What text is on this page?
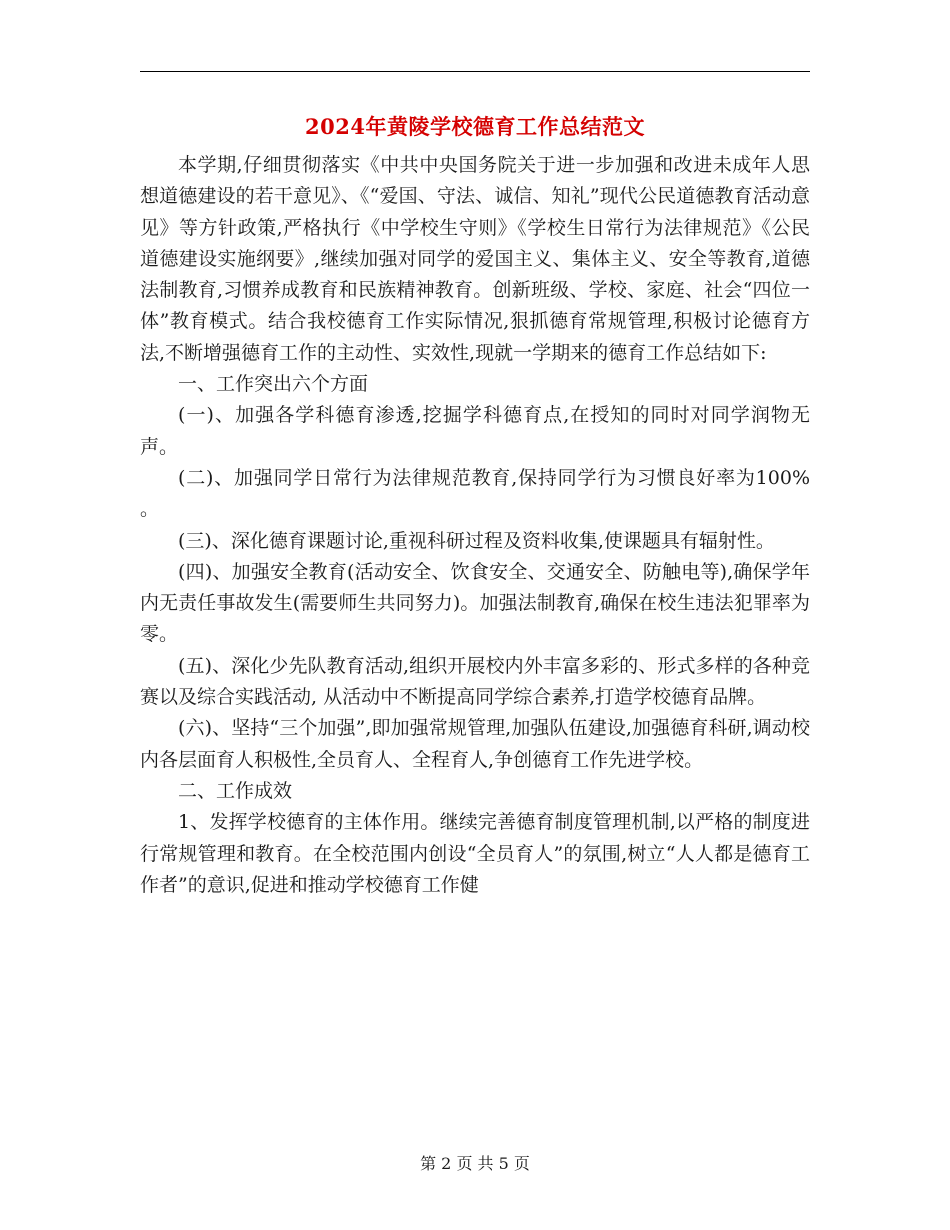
2024年黄陵学校德育工作总结范文

本学期,仔细贯彻落实《中共中央国务院关于进一步加强和改进未成年人思想道德建设的若干意见》、《“爱国、守法、诚信、知礼”现代公民道德教育活动意见》等方针政策,严格执行《中学校生守则》《学校生日常行为法律规范》《公民道德建设实施纲要》,继续加强对同学的爱国主义、集体主义、安全等教育,道德法制教育,习惯养成教育和民族精神教育。创新班级、学校、家庭、社会“四位一体”教育模式。结合我校德育工作实际情况,狠抓德育常规管理,积极讨论德育方法,不断增强德育工作的主动性、实效性,现就一学期来的德育工作总结如下:

一、工作突出六个方面

(一)、加强各学科德育渗透,挖掘学科德育点,在授知的同时对同学润物无声。

(二)、加强同学日常行为法律规范教育,保持同学行为习惯良好率为100% 。

(三)、深化德育课题讨论,重视科研过程及资料收集,使课题具有辐射性。

(四)、加强安全教育(活动安全、饮食安全、交通安全、防触电等),确保学年内无责任事故发生(需要师生共同努力)。加强法制教育,确保在校生违法犯罪率为零。

(五)、深化少先队教育活动,组织开展校内外丰富多彩的、形式多样的各种竞赛以及综合实践活动, 从活动中不断提高同学综合素养,打造学校德育品牌。

(六)、坚持“三个加强”,即加强常规管理,加强队伍建设,加强德育科研,调动校内各层面育人积极性,全员育人、全程育人,争创德育工作先进学校。

二、工作成效

1、发挥学校德育的主体作用。继续完善德育制度管理机制,以严格的制度进行常规管理和教育。在全校范围内创设“全员育人”的氛围,树立“人人都是德育工作者”的意识,促进和推动学校德育工作健

第 2 页 共 5 页
